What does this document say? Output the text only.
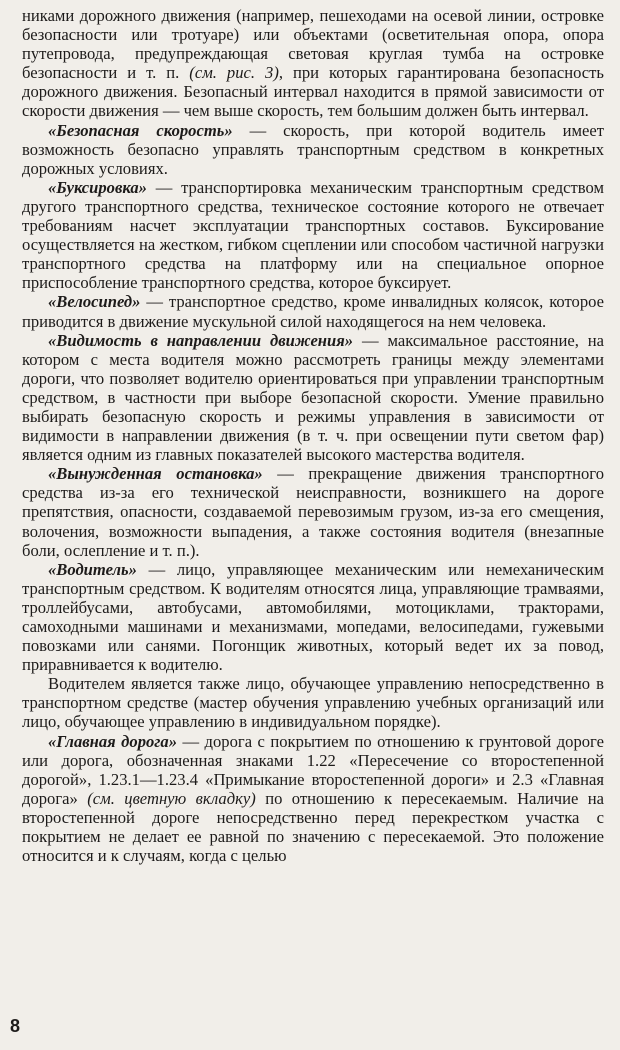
никами дорожного движения (например, пешеходами на осевой линии, островке безопасности или тротуаре) или объектами (осветительная опора, опора путепровода, предупреждающая световая круглая тумба на островке безопасности и т. п. (см. рис. 3), при которых гарантирована безопасность дорожного движения. Безопасный интервал находится в прямой зависимости от скорости движения — чем выше скорость, тем большим должен быть интервал.

«Безопасная скорость» — скорость, при которой водитель имеет возможность безопасно управлять транспортным средством в конкретных дорожных условиях.

«Буксировка» — транспортировка механическим транспортным средством другого транспортного средства, техническое состояние которого не отвечает требованиям насчет эксплуатации транспортных составов. Буксирование осуществляется на жестком, гибком сцеплении или способом частичной нагрузки транспортного средства на платформу или на специальное опорное приспособление транспортного средства, которое буксирует.

«Велосипед» — транспортное средство, кроме инвалидных колясок, которое приводится в движение мускульной силой находящегося на нем человека.

«Видимость в направлении движения» — максимальное расстояние, на котором с места водителя можно рассмотреть границы между элементами дороги, что позволяет водителю ориентироваться при управлении транспортным средством, в частности при выборе безопасной скорости. Умение правильно выбирать безопасную скорость и режимы управления в зависимости от видимости в направлении движения (в т. ч. при освещении пути светом фар) является одним из главных показателей высокого мастерства водителя.

«Вынужденная остановка» — прекращение движения транспортного средства из-за его технической неисправности, возникшего на дороге препятствия, опасности, создаваемой перевозимым грузом, из-за его смещения, волочения, возможности выпадения, а также состояния водителя (внезапные боли, ослепление и т. п.).

«Водитель» — лицо, управляющее механическим или немеханическим транспортным средством. К водителям относятся лица, управляющие трамваями, троллейбусами, автобусами, автомобилями, мотоциклами, тракторами, самоходными машинами и механизмами, мопедами, велосипедами, гужевыми повозками или санями. Погонщик животных, который ведет их за повод, приравнивается к водителю.

Водителем является также лицо, обучающее управлению непосредственно в транспортном средстве (мастер обучения управлению учебных организаций или лицо, обучающее управлению в индивидуальном порядке).

«Главная дорога» — дорога с покрытием по отношению к грунтовой дороге или дорога, обозначенная знаками 1.22 «Пересечение со второстепенной дорогой», 1.23.1—1.23.4 «Примыкание второстепенной дороги» и 2.3 «Главная дорога» (см. цветную вкладку) по отношению к пересекаемым. Наличие на второстепенной дороге непосредственно перед перекрестком участка с покрытием не делает ее равной по значению с пересекаемой. Это положение относится и к случаям, когда с целью

8
